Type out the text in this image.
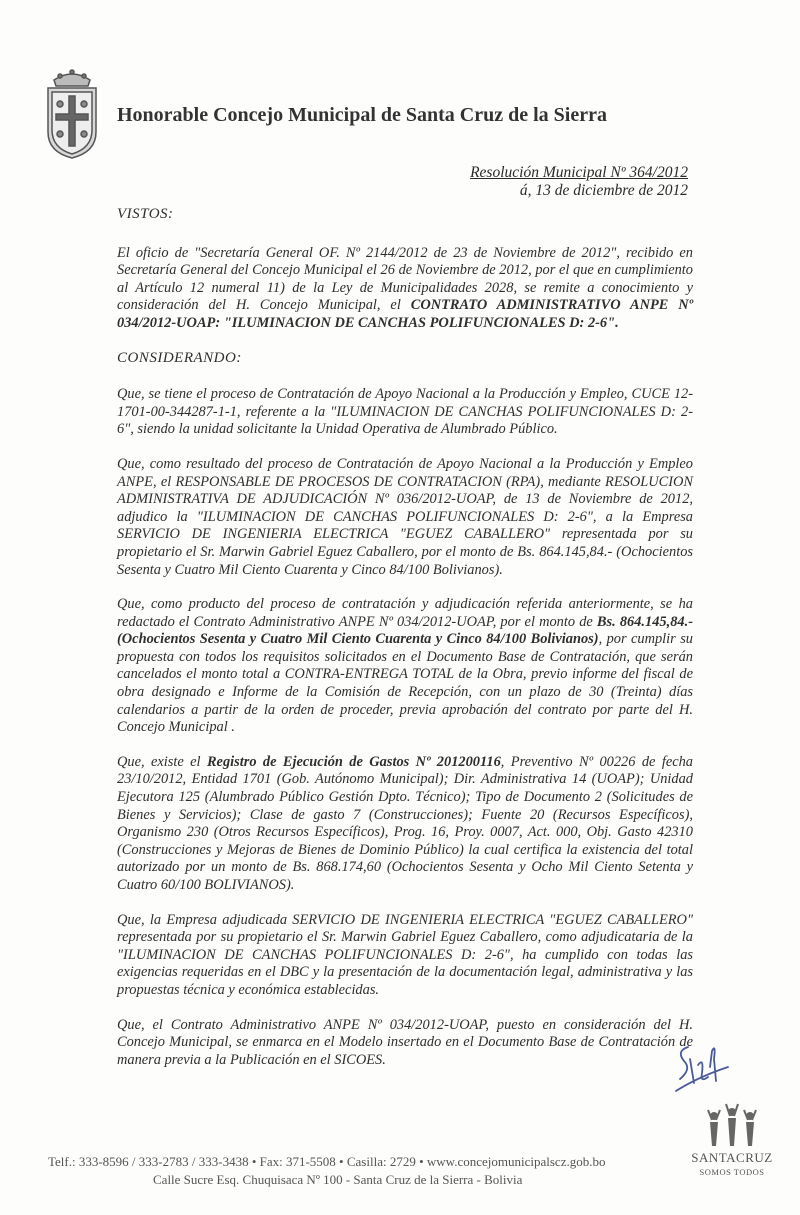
Honorable Concejo Municipal de Santa Cruz de la Sierra
Resolución Municipal Nº 364/2012
á, 13 de diciembre de 2012
VISTOS:

El oficio de "Secretaría General OF. Nº 2144/2012 de 23 de Noviembre de 2012", recibido en Secretaría General del Concejo Municipal el 26 de Noviembre de 2012, por el que en cumplimiento al Artículo 12 numeral 11) de la Ley de Municipalidades 2028, se remite a conocimiento y consideración del H. Concejo Municipal, el CONTRATO ADMINISTRATIVO ANPE Nº 034/2012-UOAP: "ILUMINACION DE CANCHAS POLIFUNCIONALES D: 2-6".

CONSIDERANDO:

Que, se tiene el proceso de Contratación de Apoyo Nacional a la Producción y Empleo, CUCE 12-1701-00-344287-1-1, referente a la "ILUMINACION DE CANCHAS POLIFUNCIONALES D: 2-6", siendo la unidad solicitante la Unidad Operativa de Alumbrado Público.

Que, como resultado del proceso de Contratación de Apoyo Nacional a la Producción y Empleo ANPE, el RESPONSABLE DE PROCESOS DE CONTRATACION (RPA), mediante RESOLUCION ADMINISTRATIVA DE ADJUDICACIÓN Nº 036/2012-UOAP, de 13 de Noviembre de 2012, adjudico la "ILUMINACION DE CANCHAS POLIFUNCIONALES D: 2-6", a la Empresa SERVICIO DE INGENIERIA ELECTRICA "EGUEZ CABALLERO" representada por su propietario el Sr. Marwin Gabriel Eguez Caballero, por el monto de Bs. 864.145,84.- (Ochocientos Sesenta y Cuatro Mil Ciento Cuarenta y Cinco 84/100 Bolivianos).

Que, como producto del proceso de contratación y adjudicación referida anteriormente, se ha redactado el Contrato Administrativo ANPE Nº 034/2012-UOAP, por el monto de Bs. 864.145,84.- (Ochocientos Sesenta y Cuatro Mil Ciento Cuarenta y Cinco 84/100 Bolivianos), por cumplir su propuesta con todos los requisitos solicitados en el Documento Base de Contratación, que serán cancelados el monto total a CONTRA-ENTREGA TOTAL de la Obra, previo informe del fiscal de obra designado e Informe de la Comisión de Recepción, con un plazo de 30 (Treinta) días calendarios a partir de la orden de proceder, previa aprobación del contrato por parte del H. Concejo Municipal .

Que, existe el Registro de Ejecución de Gastos Nº 201200116, Preventivo Nº 00226 de fecha 23/10/2012, Entidad 1701 (Gob. Autónomo Municipal); Dir. Administrativa 14 (UOAP); Unidad Ejecutora 125 (Alumbrado Público Gestión Dpto. Técnico); Tipo de Documento 2 (Solicitudes de Bienes y Servicios); Clase de gasto 7 (Construcciones); Fuente 20 (Recursos Específicos), Organismo 230 (Otros Recursos Específicos), Prog. 16, Proy. 0007, Act. 000, Obj. Gasto 42310 (Construcciones y Mejoras de Bienes de Dominio Público) la cual certifica la existencia del total autorizado por un monto de Bs. 868.174,60 (Ochocientos Sesenta y Ocho Mil Ciento Setenta y Cuatro 60/100 BOLIVIANOS).

Que, la Empresa adjudicada SERVICIO DE INGENIERIA ELECTRICA "EGUEZ CABALLERO" representada por su propietario el Sr. Marwin Gabriel Eguez Caballero, como adjudicataria de la "ILUMINACION DE CANCHAS POLIFUNCIONALES D: 2-6", ha cumplido con todas las exigencias requeridas en el DBC y la presentación de la documentación legal, administrativa y las propuestas técnica y económica establecidas.

Que, el Contrato Administrativo ANPE Nº 034/2012-UOAP, puesto en consideración del H. Concejo Municipal, se enmarca en el Modelo insertado en el Documento Base de Contratación de manera previa a la Publicación en el SICOES.

Telf.: 333-8596 / 333-2783 / 333-3438 • Fax: 371-5508 • Casilla: 2729 • www.concejomunicipalscz.gob.bo
Calle Sucre Esq. Chuquisaca Nº 100 - Santa Cruz de la Sierra - Bolivia
SANTACRUZ
SOMOS TODOS
